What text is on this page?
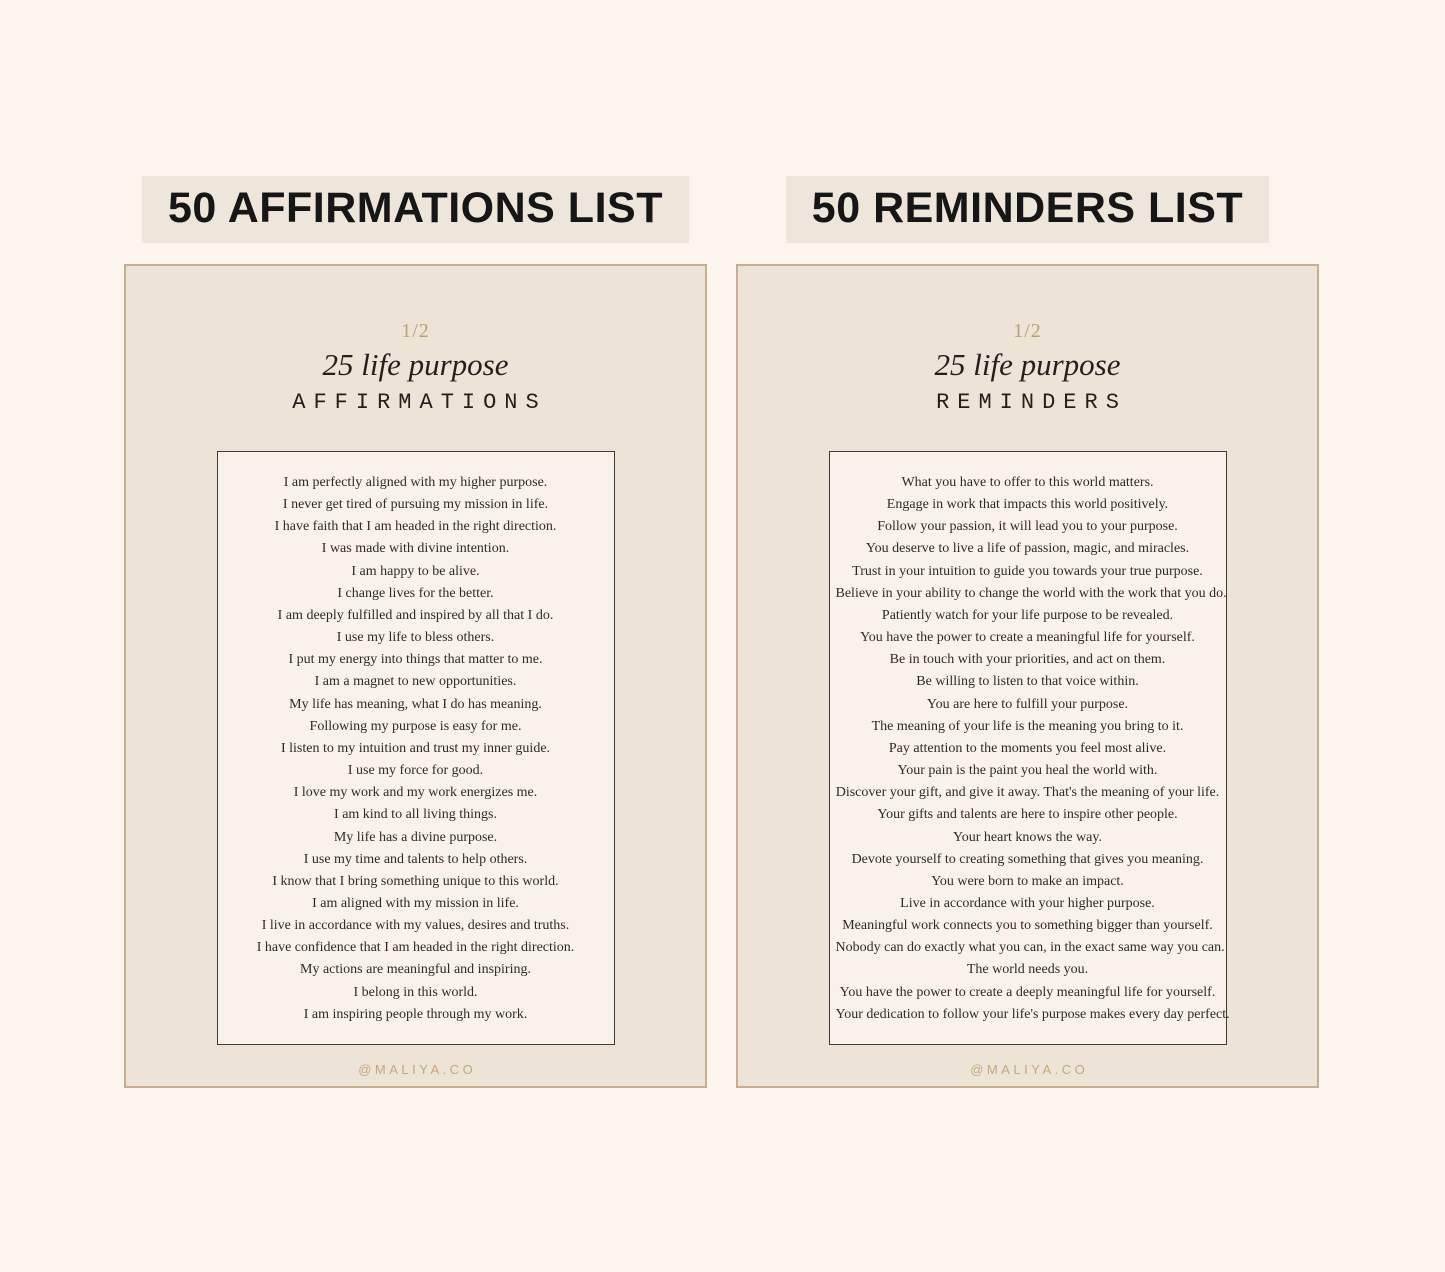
50 AFFIRMATIONS LIST
1/2
25 life purpose
AFFIRMATIONS

I am perfectly aligned with my higher purpose.

I never get tired of pursuing my mission in life.

I have faith that I am headed in the right direction.

I was made with divine intention.

I am happy to be alive.

I change lives for the better.

I am deeply fulfilled and inspired by all that I do.

I use my life to bless others.

I put my energy into things that matter to me.

I am a magnet to new opportunities.

My life has meaning, what I do has meaning.

Following my purpose is easy for me.

I listen to my intuition and trust my inner guide.

I use my force for good.

I love my work and my work energizes me.

I am kind to all living things.

My life has a divine purpose.

I use my time and talents to help others.

I know that I bring something unique to this world.

I am aligned with my mission in life.

I live in accordance with my values, desires and truths.

I have confidence that I am headed in the right direction.

My actions are meaningful and inspiring.

I belong in this world.

I am inspiring people through my work.

@MALIYA.CO
50 REMINDERS LIST
1/2
25 life purpose
REMINDERS

What you have to offer to this world matters.

Engage in work that impacts this world positively.

Follow your passion, it will lead you to your purpose.

You deserve to live a life of passion, magic, and miracles.

Trust in your intuition to guide you towards your true purpose.

Believe in your ability to change the world with the work that you do.

Patiently watch for your life purpose to be revealed.

You have the power to create a meaningful life for yourself.

Be in touch with your priorities, and act on them.

Be willing to listen to that voice within.

You are here to fulfill your purpose.

The meaning of your life is the meaning you bring to it.

Pay attention to the moments you feel most alive.

Your pain is the paint you heal the world with.

Discover your gift, and give it away. That's the meaning of your life.

Your gifts and talents are here to inspire other people.

Your heart knows the way.

Devote yourself to creating something that gives you meaning.

You were born to make an impact.

Live in accordance with your higher purpose.

Meaningful work connects you to something bigger than yourself.

Nobody can do exactly what you can, in the exact same way you can.

The world needs you.

You have the power to create a deeply meaningful life for yourself.

Your dedication to follow your life's purpose makes every day perfect.

@MALIYA.CO
